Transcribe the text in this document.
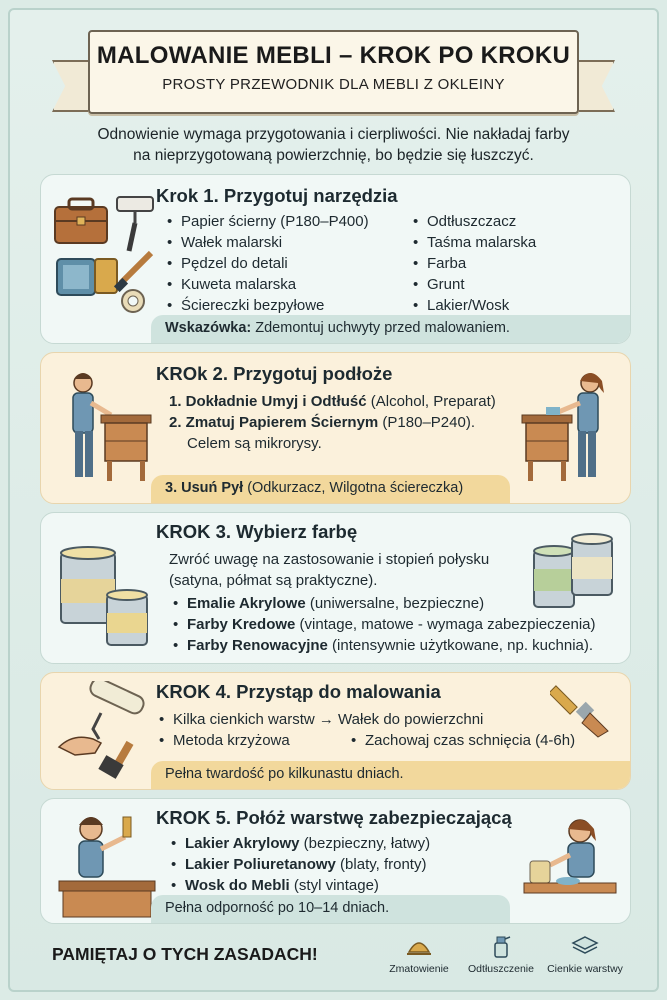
MALOWANIE MEBLI – KROK PO KROKU
PROSTY PRZEWODNIK DLA MEBLI Z OKLEINY
Odnowienie wymaga przygotowania i cierpliwości. Nie nakładaj farby
na nieprzygotowaną powierzchnię, bo będzie się łuszczyć.
Krok 1. Przygotuj narzędzia
• Papier ścierny (P180–P400)
• Wałek malarski
• Pędzel do detali
• Kuweta malarska
• Ściereczki bezpyłowe
• Odtłuszczacz
• Taśma malarska
• Farba
• Grunt
• Lakier/Wosk
Wskazówka: Zdemontuj uchwyty przed malowaniem.
KROk 2. Przygotuj podłoże
1. Dokładnie Umyj i Odtłuść (Alcohol, Preparat)
2. Zmatuj Papierem Ściernym (P180–P240).
Celem są mikrorysy.
3. Usuń Pył (Odkurzacz, Wilgotna ściereczka)
KROK 3. Wybierz farbę
Zwróć uwagę na zastosowanie i stopień połysku
(satyna, półmat są praktyczne).
• Emalie Akrylowe (uniwersalne, bezpieczne)
• Farby Kredowe (vintage, matowe - wymaga zabezpieczenia)
• Farby Renowacyjne (intensywnie użytkowane, np. kuchnia).
KROK 4. Przystąp do malowania
• Kilka cienkich warstw → Wałek do powierzchni
• Metoda krzyżowa
•	Zachowaj czas schnięcia (4-6h)
Pełna twardość po kilkunastu dniach.
KROK 5. Połóż warstwę zabezpieczającą
• Lakier Akrylowy (bezpieczny, łatwy)
• Lakier Poliuretanowy (blaty, fronty)
• Wosk do Mebli (styl vintage)
Pełna odporność po 10–14 dniach.
PAMIĘTAJ O TYCH ZASADACH!
Zmatowienie	Odtłuszczenie	Cienkie warstwy
